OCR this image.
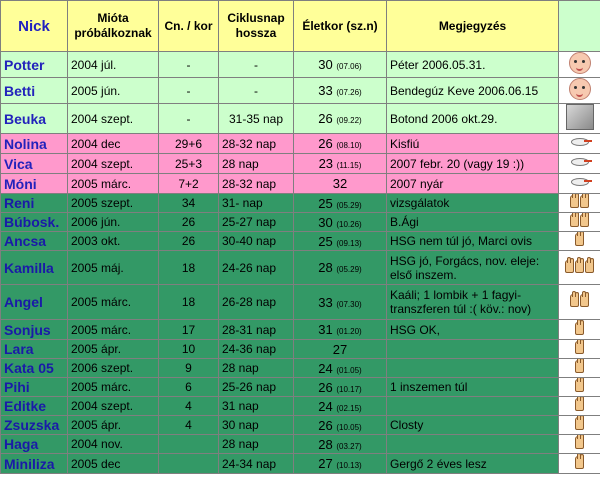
Nick	Mióta próbálkoznak	Cn. / kor	Ciklusnap hossza	Életkor (sz.n)	Megjegyzés	
Potter	2004 júl.	-	-	30 (07.06)	Péter 2006.05.31.	
Betti	2005 jún.	-	-	33 (07.26)	Bendegúz Keve 2006.06.15	
Beuka	2004 szept.	-	31-35 nap	26 (09.22)	Botond 2006 okt.29.	
Nolina	2004 dec	29+6	28-32 nap	26 (08.10)	Kisfiú	
Vica	2004 szept.	25+3	28 nap	23 (11.15)	2007 febr. 20 (vagy 19 :))	
Móni	2005 márc.	7+2	28-32 nap	32	2007 nyár	
Reni	2005 szept.	34	31- nap	25 (05.29)	vizsgálatok	

Búbosk.	2006 jún.	26	25-27 nap	30 (10.26)	B.Ági	

Ancsa	2003 okt.	26	30-40 nap	25 (09.13)	HSG nem túl jó, Marci ovis	

Kamilla	2005 máj.	18	24-26 nap	28 (05.29)	HSG jó, Forgács, nov. eleje: első inszem.	

Angel	2005 márc.	18	26-28 nap	33 (07.30)	Kaáli; 1 lombik + 1 fagyi- transzferen túl :( köv.: nov)	

Sonjus	2005 márc.	17	28-31 nap	31 (01.20)	HSG OK,	

Lara	2005 ápr.	10	24-36 nap	27		

Kata 05	2006 szept.	9	28 nap	24 (01.05)		

Pihi	2005 márc.	6	25-26 nap	26 (10.17)	1 inszemen túl	

Editke	2004 szept.	4	31 nap	24 (02.15)		

Zsuzska	2005 ápr.	4	30 nap	26 (10.05)	Closty	

Haga	2004 nov.		28 nap	28 (03.27)		

Miniliza	2005 dec		24-34 nap	27 (10.13)	Gergő 2 éves lesz	
